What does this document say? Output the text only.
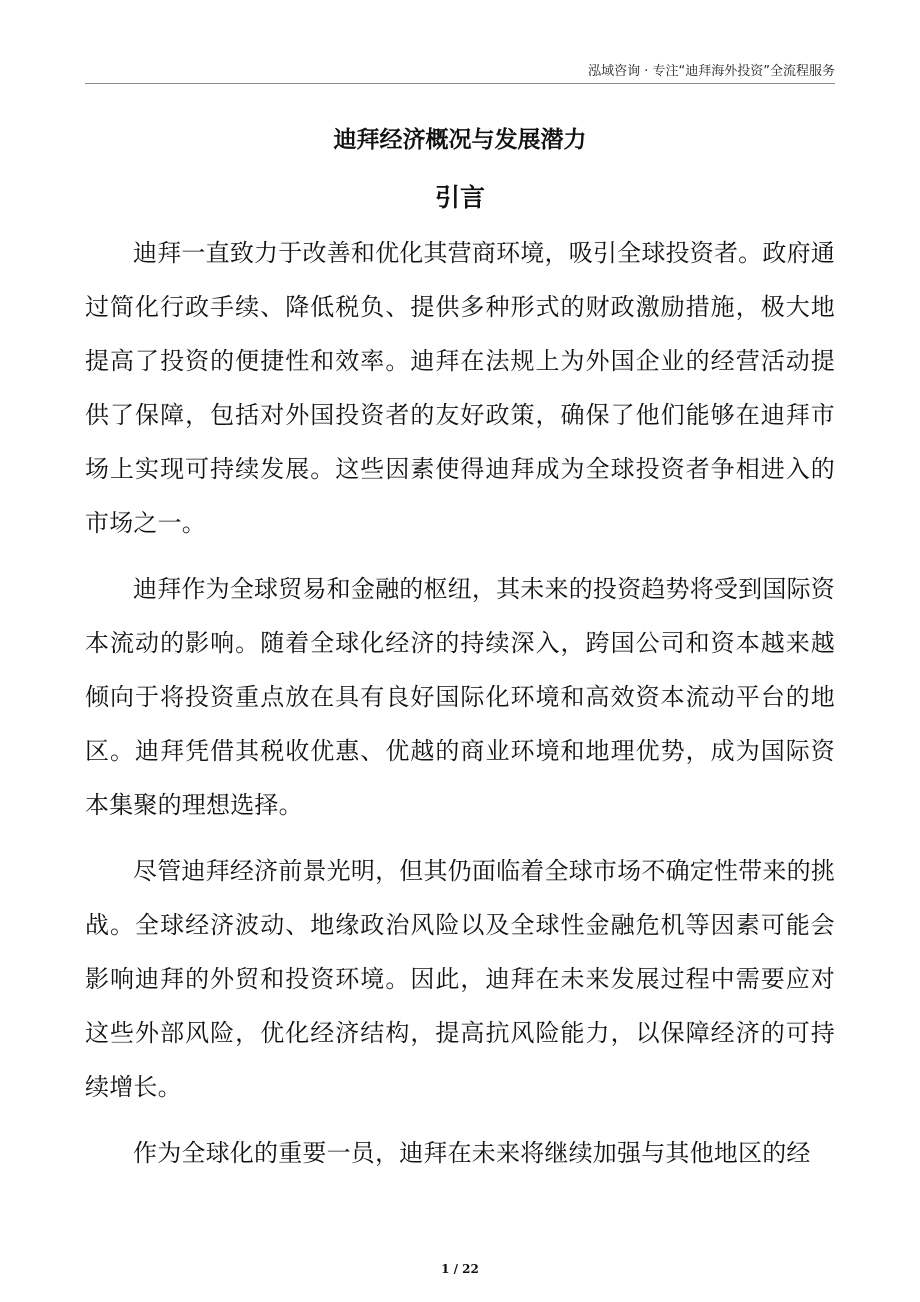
泓域咨询 · 专注“迪拜海外投资”全流程服务
迪拜经济概况与发展潜力
引言

迪拜一直致力于改善和优化其营商环境，吸引全球投资者。政府通过简化行政手续、降低税负、提供多种形式的财政激励措施，极大地提高了投资的便捷性和效率。迪拜在法规上为外国企业的经营活动提供了保障，包括对外国投资者的友好政策，确保了他们能够在迪拜市场上实现可持续发展。这些因素使得迪拜成为全球投资者争相进入的市场之一。

迪拜作为全球贸易和金融的枢纽，其未来的投资趋势将受到国际资本流动的影响。随着全球化经济的持续深入，跨国公司和资本越来越倾向于将投资重点放在具有良好国际化环境和高效资本流动平台的地区。迪拜凭借其税收优惠、优越的商业环境和地理优势，成为国际资本集聚的理想选择。

尽管迪拜经济前景光明，但其仍面临着全球市场不确定性带来的挑战。全球经济波动、地缘政治风险以及全球性金融危机等因素可能会影响迪拜的外贸和投资环境。因此，迪拜在未来发展过程中需要应对这些外部风险，优化经济结构，提高抗风险能力，以保障经济的可持续增长。

作为全球化的重要一员，迪拜在未来将继续加强与其他地区的经

1 / 22
